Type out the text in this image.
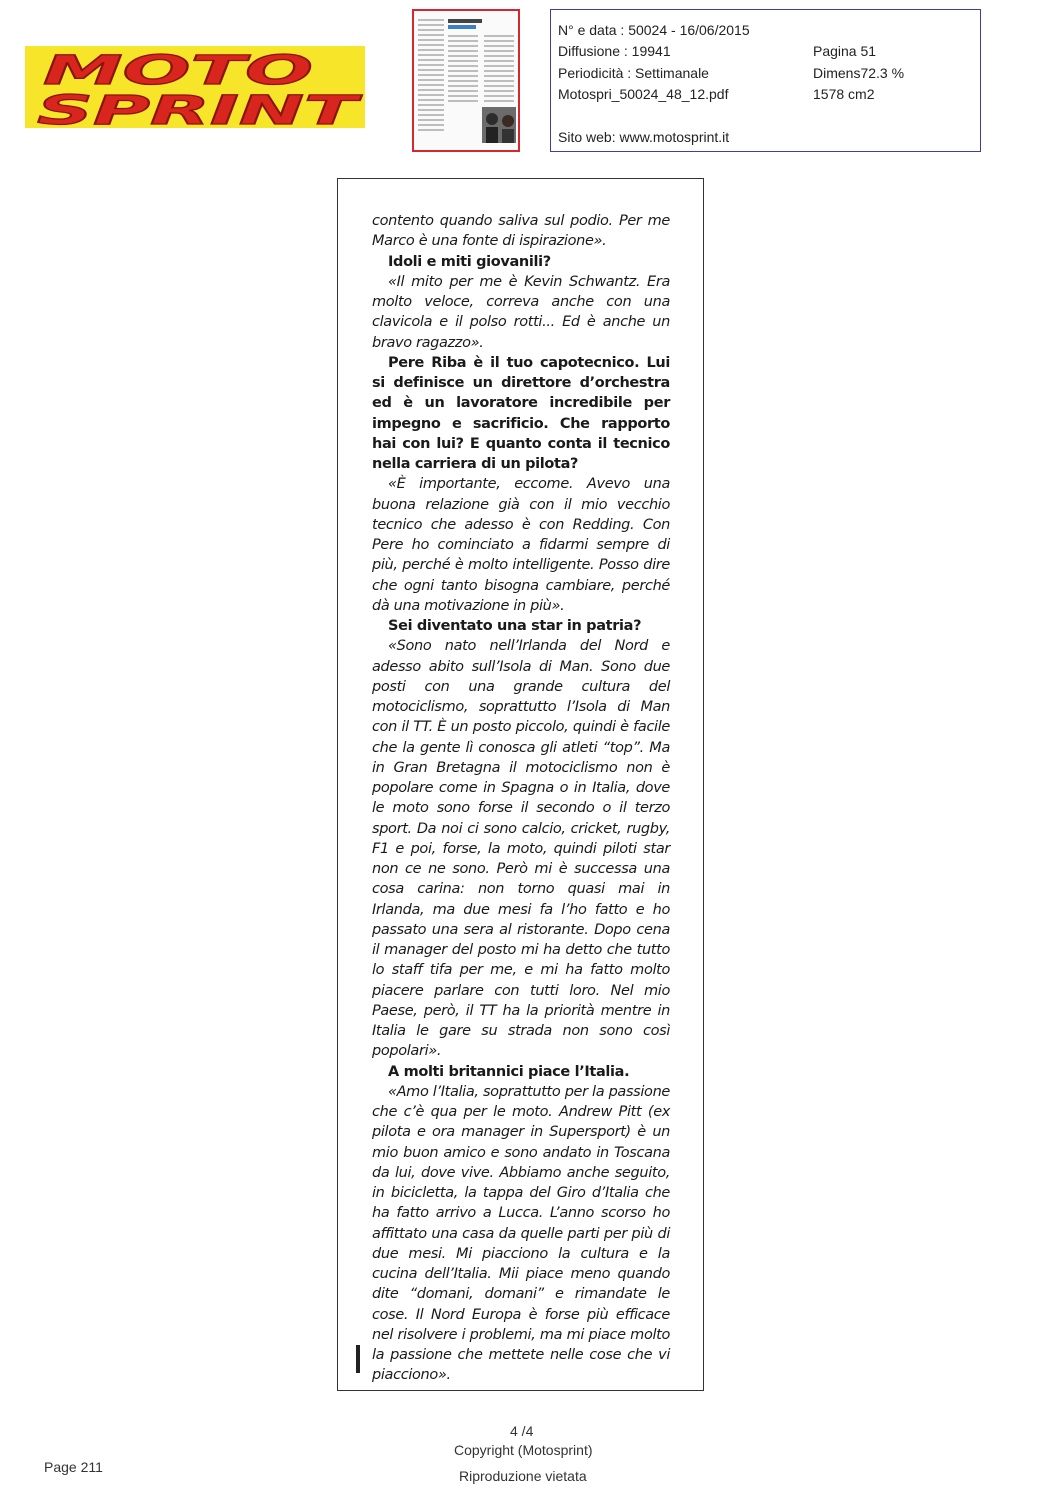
MOTO
SPRINT
N° e data : 50024 - 16/06/2015
Diffusione : 19941
Periodicità : Settimanale
Motospri_50024_48_12.pdf
Sito web: www.motosprint.it
Pagina 51
Dimens72.3 %
1578 cm2

contento quando saliva sul podio. Per me Marco è una fonte di ispirazione».

Idoli e miti giovanili?

«Il mito per me è Kevin Schwantz. Era molto veloce, correva anche con una clavicola e il polso rotti... Ed è anche un bravo ragazzo».

Pere Riba è il tuo capotecnico. Lui si definisce un direttore d’orchestra ed è un lavoratore incredibile per impegno e sacrificio. Che rapporto hai con lui? E quanto conta il tecnico nella carriera di un pilota?

«È importante, eccome. Avevo una buona relazione già con il mio vecchio tecnico che adesso è con Redding. Con Pere ho cominciato a fidarmi sempre di più, perché è molto intelligente. Posso dire che ogni tanto bisogna cambiare, perché dà una motivazione in più».

Sei diventato una star in patria?

«Sono nato nell’Irlanda del Nord e adesso abito sull’Isola di Man. Sono due posti con una grande cultura del motociclismo, soprattutto l’Isola di Man con il TT. È un posto piccolo, quindi è facile che la gente lì conosca gli atleti “top”. Ma in Gran Bretagna il motociclismo non è popolare come in Spagna o in Italia, dove le moto sono forse il secondo o il terzo sport. Da noi ci sono calcio, cricket, rugby, F1 e poi, forse, la moto, quindi piloti star non ce ne sono. Però mi è successa una cosa carina: non torno quasi mai in Irlanda, ma due mesi fa l’ho fatto e ho passato una sera al ristorante. Dopo cena il manager del posto mi ha detto che tutto lo staff tifa per me, e mi ha fatto molto piacere parlare con tutti loro. Nel mio Paese, però, il TT ha la priorità mentre in Italia le gare su strada non sono così popolari».

A molti britannici piace l’Italia.

«Amo l’Italia, soprattutto per la passione che c’è qua per le moto. Andrew Pitt (ex pilota e ora manager in Supersport) è un mio buon amico e sono andato in Toscana da lui, dove vive. Abbiamo anche seguito, in bicicletta, la tappa del Giro d’Italia che ha fatto arrivo a Lucca. L’anno scorso ho affittato una casa da quelle parti per più di due mesi. Mi piacciono la cultura e la cucina dell’Italia. Mii piace meno quando dite “domani, domani” e rimandate le cose. Il Nord Europa è forse più efficace nel risolvere i problemi, ma mi piace molto la passione che mettete nelle cose che vi piacciono».

4 /4
Copyright (Motosprint)
Riproduzione vietata
Page 211
